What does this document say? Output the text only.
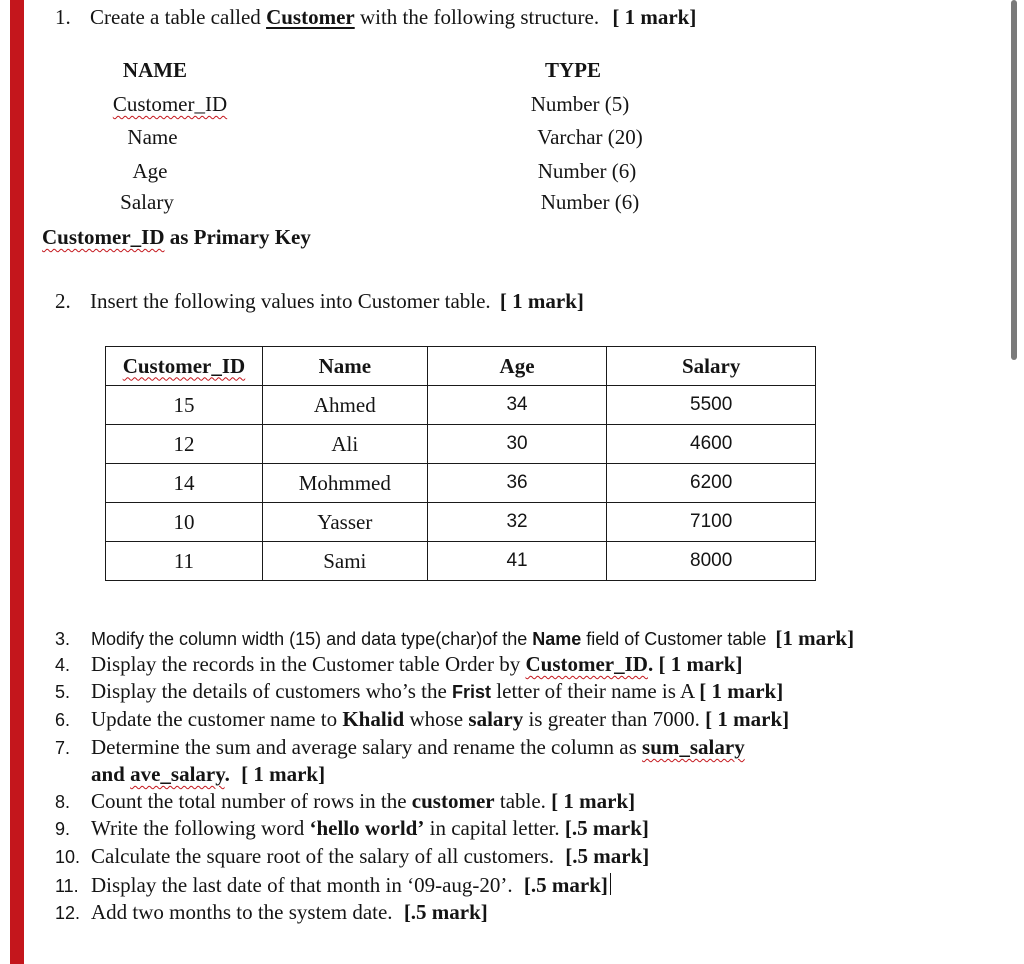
1. Create a table called Customer with the following structure. [ 1 mark]
NAME	TYPE
Customer_ID	Number (5)
Name	Varchar (20)
Age	Number (6)
Salary	Number (6)
Customer_ID as Primary Key
2. Insert the following values into Customer table. [ 1 mark]
Customer_ID	Name	Age	Salary
15	Ahmed	34	5500
12	Ali	30	4600
14	Mohmmed	36	6200
10	Yasser	32	7100
11	Sami	41	8000
3. Modify the column width (15) and data type(char)of the Name field of Customer table [1 mark]
4. Display the records in the Customer table Order by Customer_ID. [ 1 mark]
5. Display the details of customers who’s the Frist letter of their name is A [ 1 mark]
6. Update the customer name to Khalid whose salary is greater than 7000. [ 1 mark]
7. Determine the sum and average salary and rename the column as sum_salary
and ave_salary. [ 1 mark]
8. Count the total number of rows in the customer table. [ 1 mark]
9. Write the following word ‘hello world’ in capital letter. [.5 mark]
10. Calculate the square root of the salary of all customers. [.5 mark]
11. Display the last date of that month in ‘09-aug-20’. [.5 mark]
12. Add two months to the system date. [.5 mark]
